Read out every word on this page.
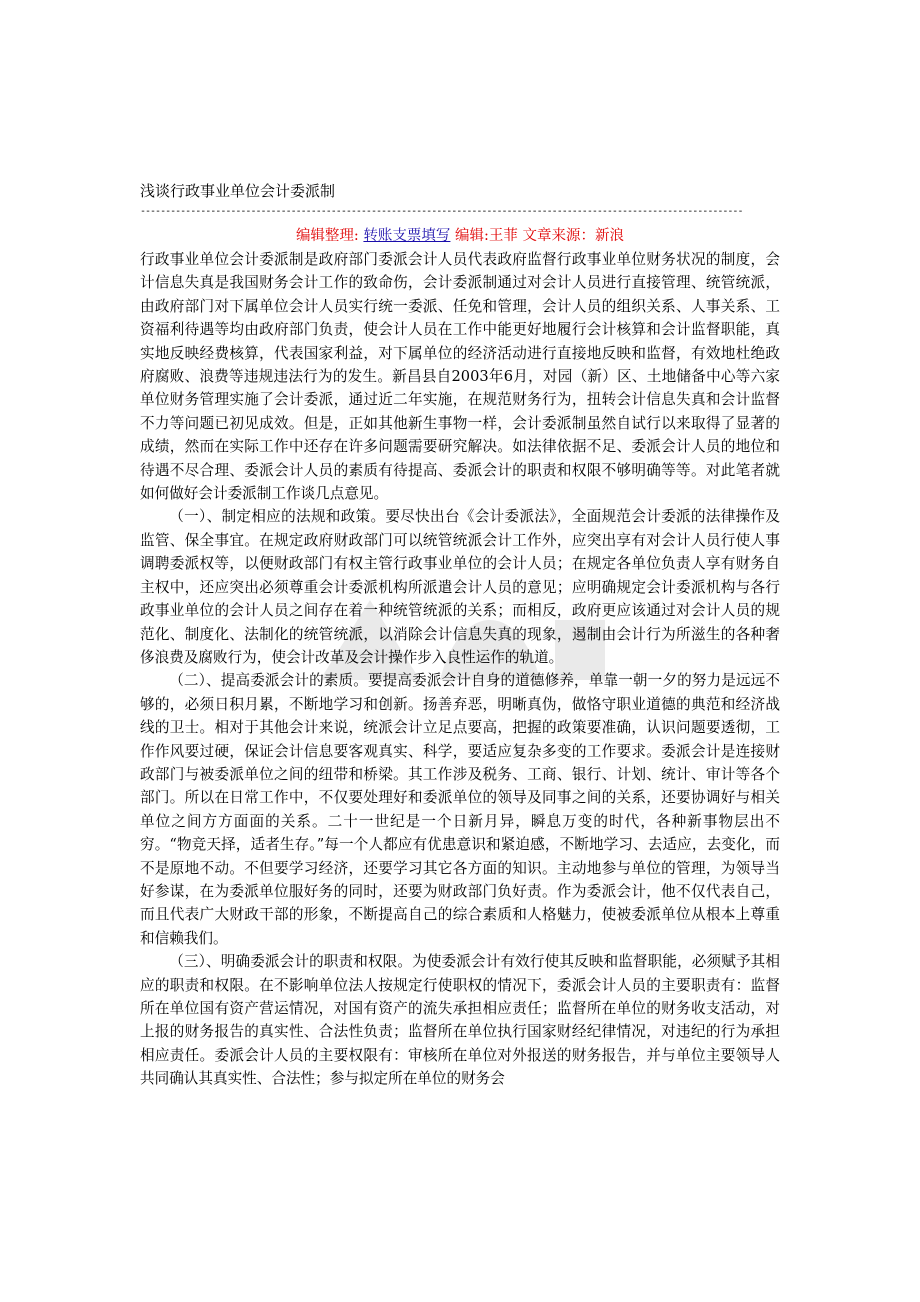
浅谈行政事业单位会计委派制
------------------------------------------------------------------------------------------------------------------------
编辑整理: 转账支票填写 编辑:王菲 文章来源：新浪

行政事业单位会计委派制是政府部门委派会计人员代表政府监督行政事业单位财务状况的制度，会计信息失真是我国财务会计工作的致命伤，会计委派制通过对会计人员进行直接管理、统管统派，由政府部门对下属单位会计人员实行统一委派、任免和管理，会计人员的组织关系、人事关系、工资福利待遇等均由政府部门负责，使会计人员在工作中能更好地履行会计核算和会计监督职能，真实地反映经费核算，代表国家利益，对下属单位的经济活动进行直接地反映和监督，有效地杜绝政府腐败、浪费等违规违法行为的发生。新昌县自2003年6月，对园（新）区、土地储备中心等六家单位财务管理实施了会计委派，通过近二年实施，在规范财务行为，扭转会计信息失真和会计监督不力等问题已初见成效。但是，正如其他新生事物一样，会计委派制虽然自试行以来取得了显著的成绩，然而在实际工作中还存在许多问题需要研究解决。如法律依据不足、委派会计人员的地位和待遇不尽合理、委派会计人员的素质有待提高、委派会计的职责和权限不够明确等等。对此笔者就如何做好会计委派制工作谈几点意见。

（一）、制定相应的法规和政策。要尽快出台《会计委派法》，全面规范会计委派的法律操作及监管、保全事宜。在规定政府财政部门可以统管统派会计工作外，应突出享有对会计人员行使人事调聘委派权等，以便财政部门有权主管行政事业单位的会计人员；在规定各单位负责人享有财务自主权中，还应突出必须尊重会计委派机构所派遣会计人员的意见；应明确规定会计委派机构与各行政事业单位的会计人员之间存在着一种统管统派的关系；而相反，政府更应该通过对会计人员的规范化、制度化、法制化的统管统派，以消除会计信息失真的现象，遏制由会计行为所滋生的各种奢侈浪费及腐败行为，使会计改革及会计操作步入良性运作的轨道。

（二）、提高委派会计的素质。要提高委派会计自身的道德修养，单靠一朝一夕的努力是远远不够的，必须日积月累，不断地学习和创新。扬善弃恶，明晰真伪，做恪守职业道德的典范和经济战线的卫士。相对于其他会计来说，统派会计立足点要高，把握的政策要准确，认识问题要透彻，工作作风要过硬，保证会计信息要客观真实、科学，要适应复杂多变的工作要求。委派会计是连接财政部门与被委派单位之间的纽带和桥梁。其工作涉及税务、工商、银行、计划、统计、审计等各个部门。所以在日常工作中，不仅要处理好和委派单位的领导及同事之间的关系，还要协调好与相关单位之间方方面面的关系。二十一世纪是一个日新月异，瞬息万变的时代，各种新事物层出不穷。“物竞天择，适者生存。”每一个人都应有优患意识和紧迫感，不断地学习、去适应，去变化，而不是原地不动。不但要学习经济，还要学习其它各方面的知识。主动地参与单位的管理，为领导当好参谋，在为委派单位服好务的同时，还要为财政部门负好责。作为委派会计，他不仅代表自己，而且代表广大财政干部的形象，不断提高自己的综合素质和人格魅力，使被委派单位从根本上尊重和信赖我们。

（三）、明确委派会计的职责和权限。为使委派会计有效行使其反映和监督职能，必须赋予其相应的职责和权限。在不影响单位法人按规定行使职权的情况下，委派会计人员的主要职责有：监督所在单位国有资产营运情况，对国有资产的流失承担相应责任；监督所在单位的财务收支活动，对上报的财务报告的真实性、合法性负责；监督所在单位执行国家财经纪律情况，对违纪的行为承担相应责任。委派会计人员的主要权限有：审核所在单位对外报送的财务报告，并与单位主要领导人共同确认其真实性、合法性；参与拟定所在单位的财务会
